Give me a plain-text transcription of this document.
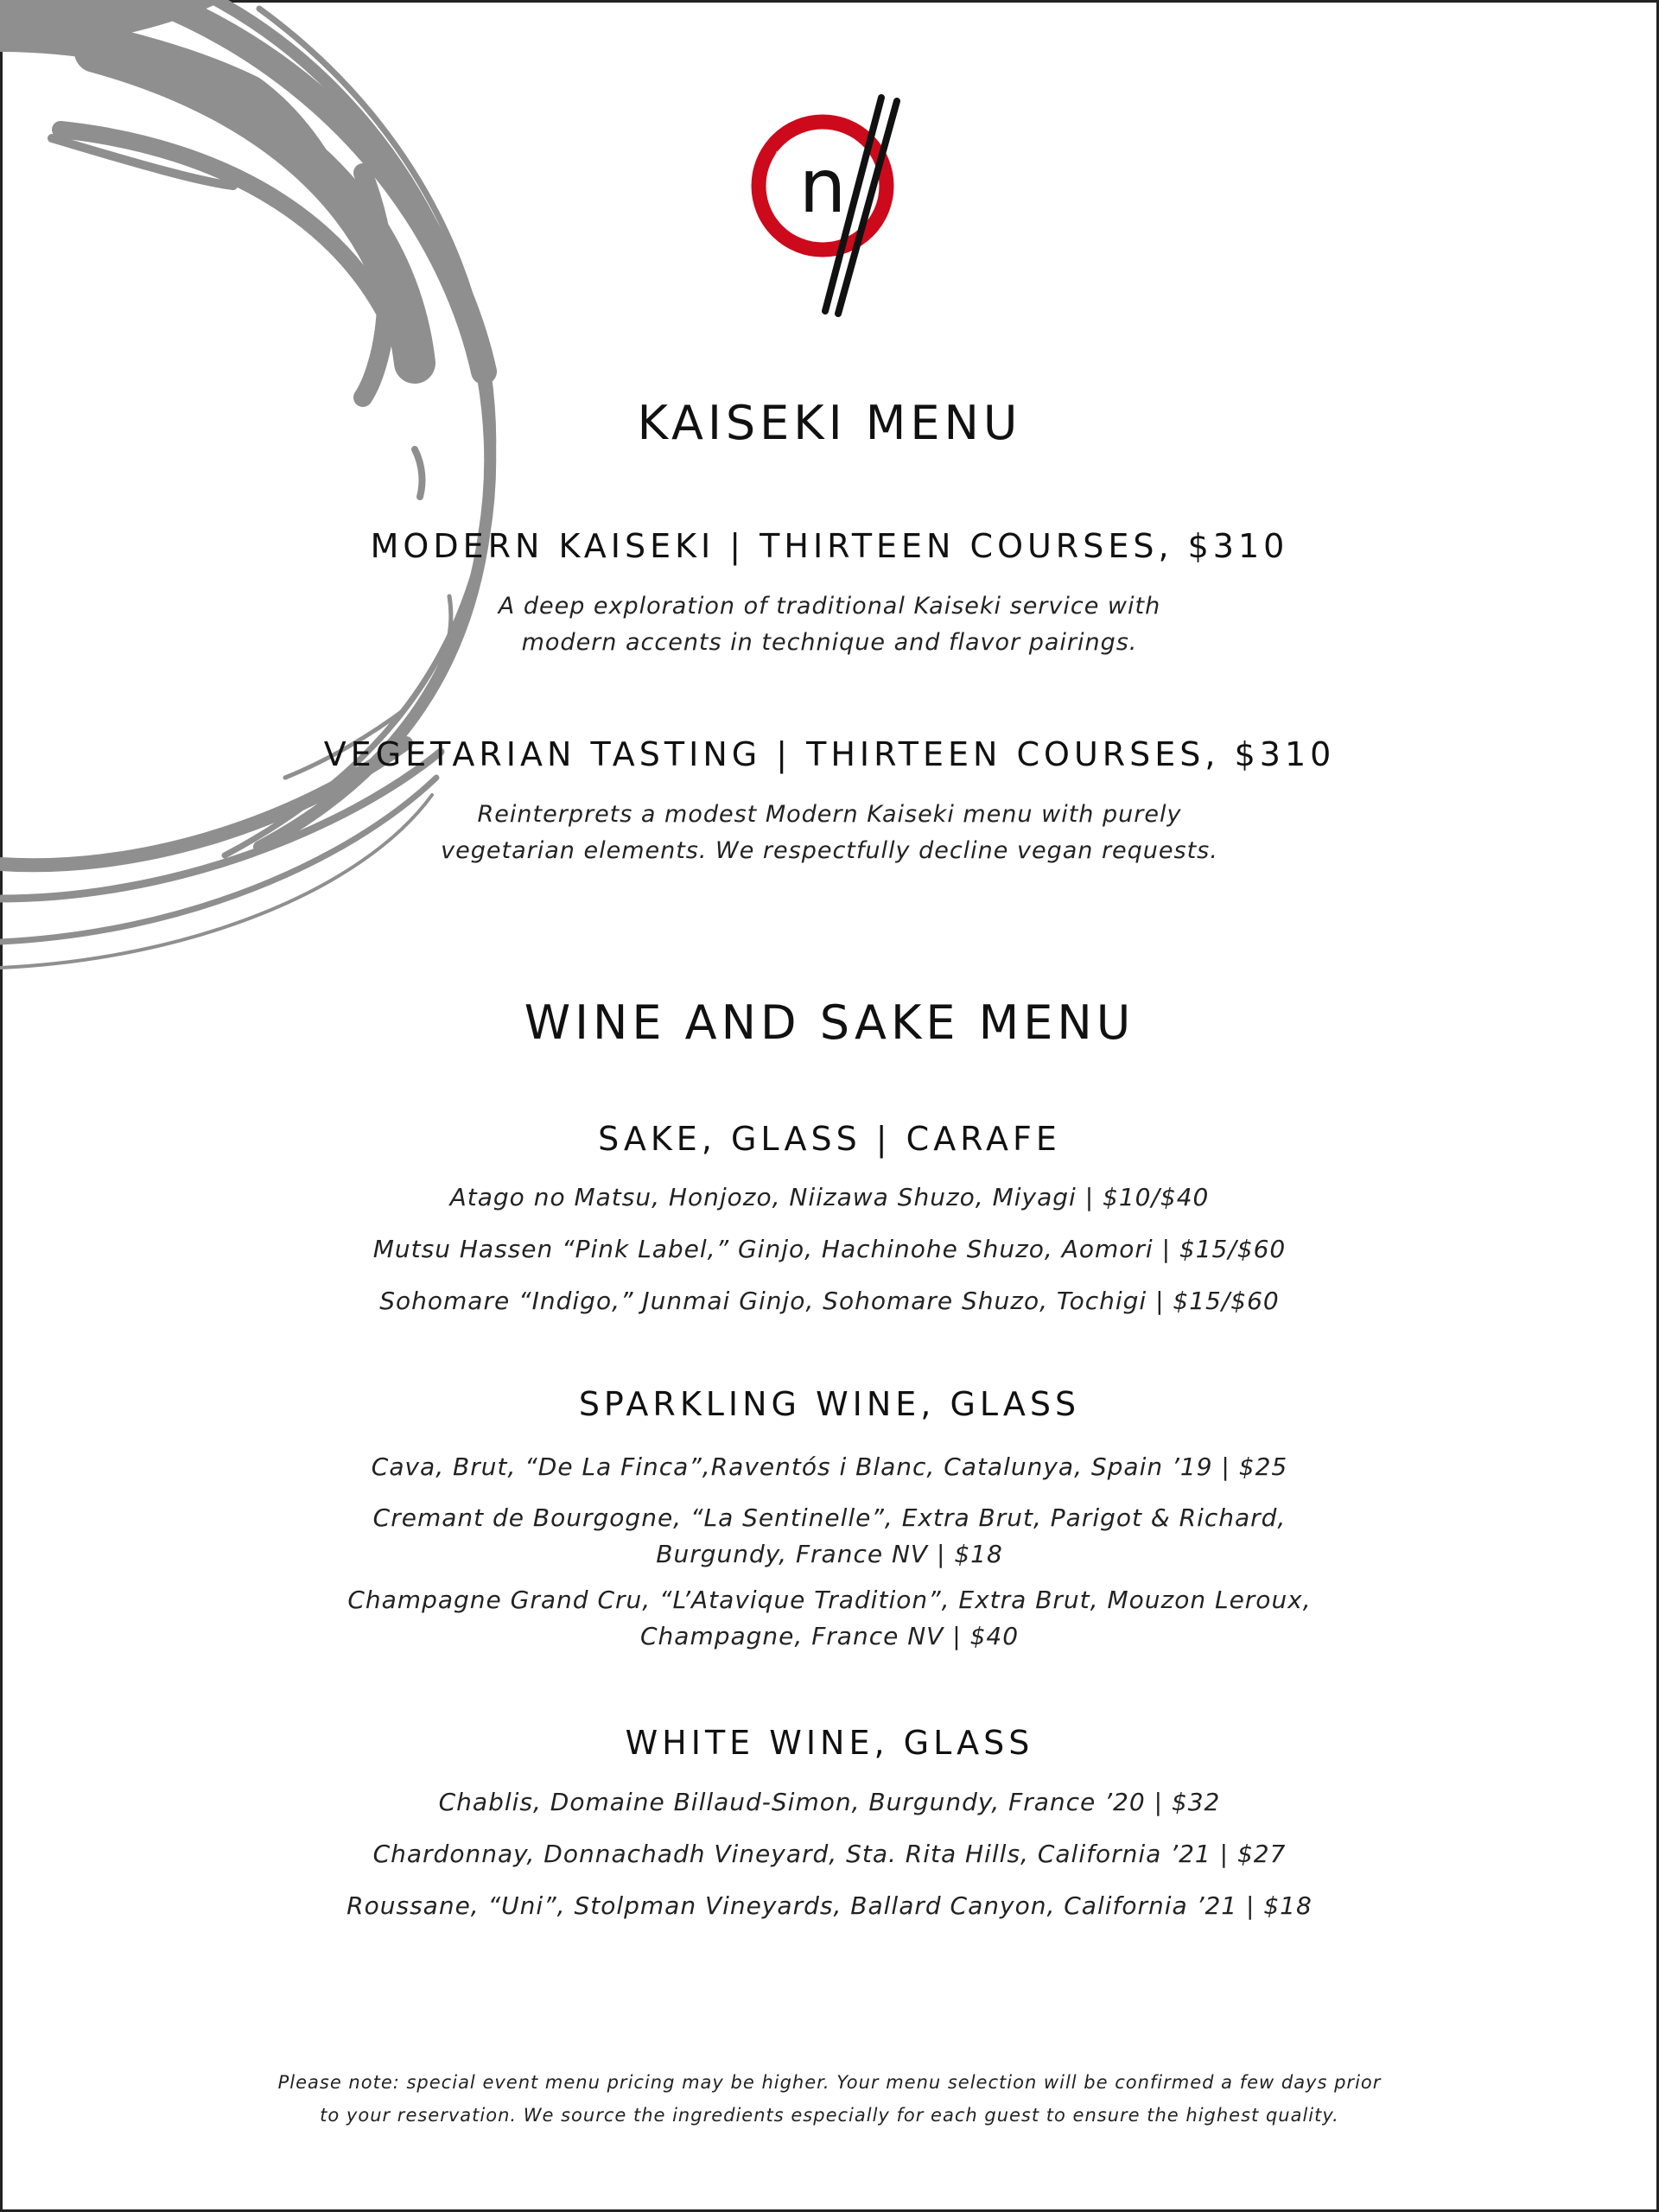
n
KAISEKI MENU
MODERN KAISEKI | THIRTEEN COURSES, $310
A deep exploration of traditional Kaiseki service with
modern accents in technique and flavor pairings.
VEGETARIAN TASTING | THIRTEEN COURSES, $310
Reinterprets a modest Modern Kaiseki menu with purely
vegetarian elements. We respectfully decline vegan requests.
WINE AND SAKE MENU
SAKE, GLASS | CARAFE
Atago no Matsu, Honjozo, Niizawa Shuzo, Miyagi | $10/$40
Mutsu Hassen “Pink Label,” Ginjo, Hachinohe Shuzo, Aomori | $15/$60
Sohomare “Indigo,” Junmai Ginjo, Sohomare Shuzo, Tochigi | $15/$60
SPARKLING WINE, GLASS
Cava, Brut, “De La Finca”,Raventós i Blanc, Catalunya, Spain ’19 | $25
Cremant de Bourgogne, “La Sentinelle”, Extra Brut, Parigot & Richard,
Burgundy, France NV | $18
Champagne Grand Cru, “L’Atavique Tradition”, Extra Brut, Mouzon Leroux,
Champagne, France NV | $40
WHITE WINE, GLASS
Chablis, Domaine Billaud-Simon, Burgundy, France ’20 | $32
Chardonnay, Donnachadh Vineyard, Sta. Rita Hills, California ’21 | $27
Roussane, “Uni”, Stolpman Vineyards, Ballard Canyon, California ’21 | $18
Please note: special event menu pricing may be higher. Your menu selection will be confirmed a few days prior
to your reservation. We source the ingredients especially for each guest to ensure the highest quality.
